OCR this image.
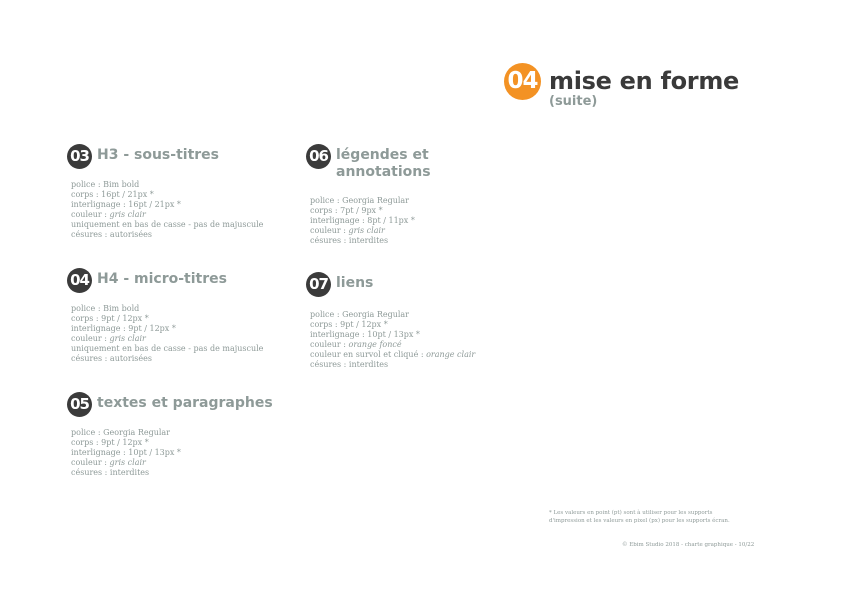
04 mise en forme
(suite)
03 H3 - sous-titres
police : Bim bold
corps : 16pt / 21px *
interlignage : 16pt / 21px *
couleur : gris clair
uniquement en bas de casse - pas de majuscule
césures : autorisées
04 H4 - micro-titres
police : Bim bold
corps : 9pt / 12px *
interlignage : 9pt / 12px *
couleur : gris clair
uniquement en bas de casse - pas de majuscule
césures : autorisées
05 textes et paragraphes
police : Georgia Regular
corps : 9pt / 12px *
interlignage : 10pt / 13px *
couleur : gris clair
césures : interdites
06 légendes et
annotations
police : Georgia Regular
corps : 7pt / 9px *
interlignage : 8pt / 11px *
couleur : gris clair
césures : interdites
07 liens
police : Georgia Regular
corps : 9pt / 12px *
interlignage : 10pt / 13px *
couleur : orange foncé
couleur en survol et cliqué : orange clair
césures : interdites
* Les valeurs en point (pt) sont à utiliser pour les supports
d'impression et les valeurs en pixel (px) pour les supports écran.
© Ebim Studio 2018 - charte graphique - 10/22
